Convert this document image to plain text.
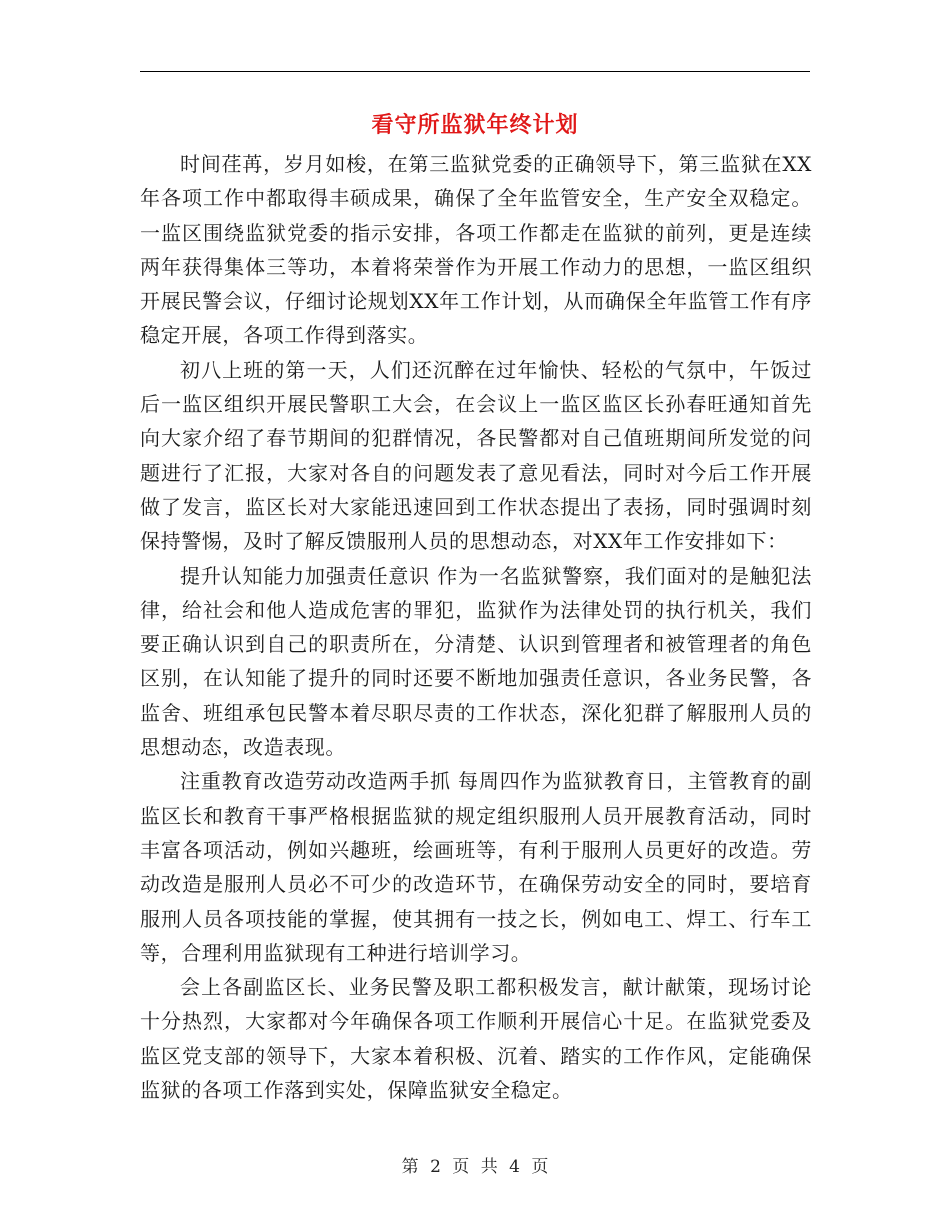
看守所监狱年终计划

时间荏苒，岁月如梭，在第三监狱党委的正确领导下，第三监狱在XX年各项工作中都取得丰硕成果，确保了全年监管安全，生产安全双稳定。一监区围绕监狱党委的指示安排，各项工作都走在监狱的前列，更是连续两年获得集体三等功，本着将荣誉作为开展工作动力的思想，一监区组织开展民警会议，仔细讨论规划XX年工作计划，从而确保全年监管工作有序稳定开展，各项工作得到落实。

初八上班的第一天，人们还沉醉在过年愉快、轻松的气氛中，午饭过后一监区组织开展民警职工大会，在会议上一监区监区长孙春旺通知首先向大家介绍了春节期间的犯群情况，各民警都对自己值班期间所发觉的问题进行了汇报，大家对各自的问题发表了意见看法，同时对今后工作开展做了发言，监区长对大家能迅速回到工作状态提出了表扬，同时强调时刻保持警惕，及时了解反馈服刑人员的思想动态，对XX年工作安排如下：

提升认知能力加强责任意识 作为一名监狱警察，我们面对的是触犯法律，给社会和他人造成危害的罪犯，监狱作为法律处罚的执行机关，我们要正确认识到自己的职责所在，分清楚、认识到管理者和被管理者的角色区别，在认知能了提升的同时还要不断地加强责任意识，各业务民警，各监舍、班组承包民警本着尽职尽责的工作状态，深化犯群了解服刑人员的思想动态，改造表现。

注重教育改造劳动改造两手抓 每周四作为监狱教育日，主管教育的副监区长和教育干事严格根据监狱的规定组织服刑人员开展教育活动，同时丰富各项活动，例如兴趣班，绘画班等，有利于服刑人员更好的改造。劳动改造是服刑人员必不可少的改造环节，在确保劳动安全的同时，要培育服刑人员各项技能的掌握，使其拥有一技之长，例如电工、焊工、行车工等，合理利用监狱现有工种进行培训学习。

会上各副监区长、业务民警及职工都积极发言，献计献策，现场讨论十分热烈，大家都对今年确保各项工作顺利开展信心十足。在监狱党委及监区党支部的领导下，大家本着积极、沉着、踏实的工作作风，定能确保监狱的各项工作落到实处，保障监狱安全稳定。

第 2 页 共 4 页
